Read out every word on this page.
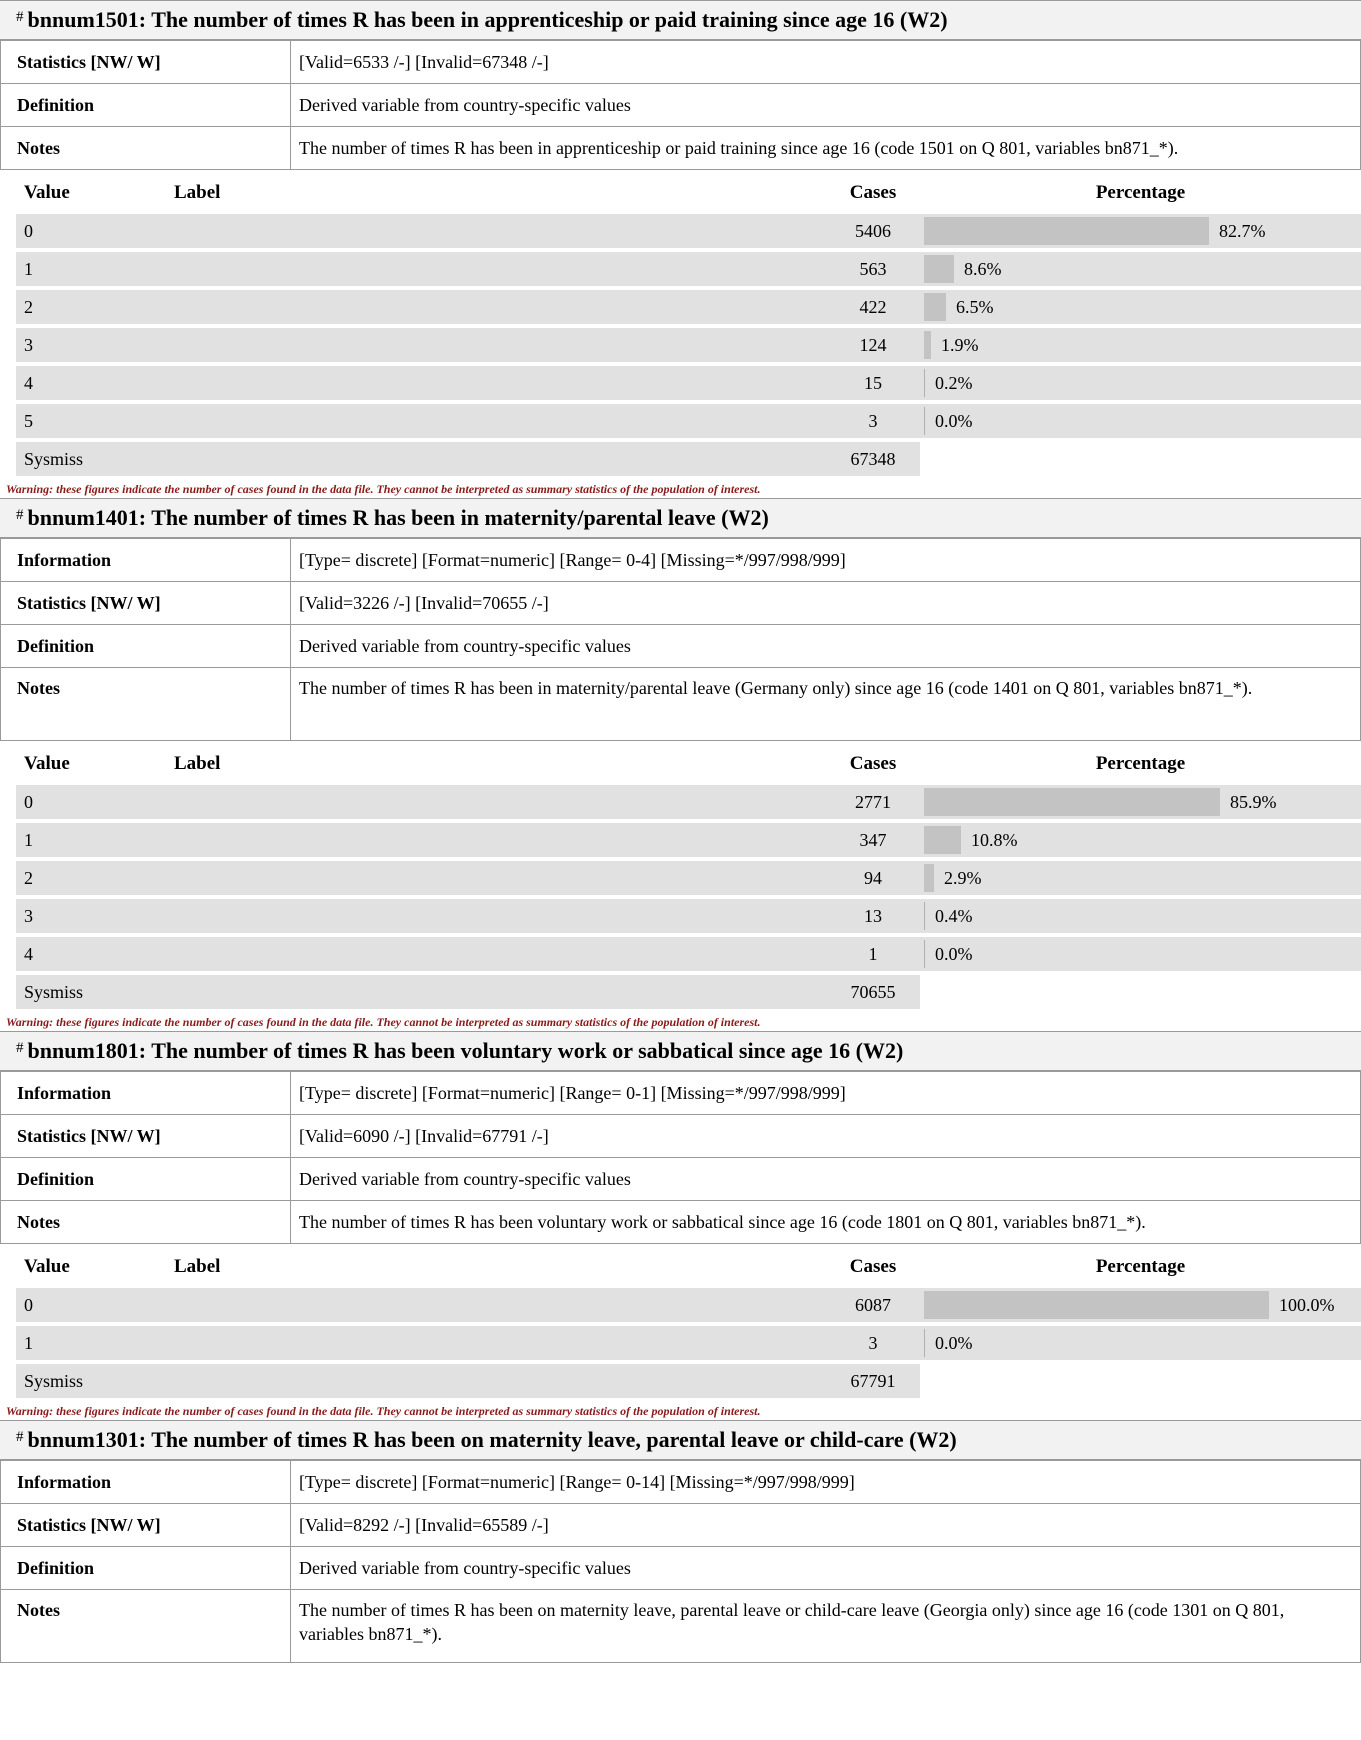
# bnnum1501: The number of times R has been in apprenticeship or paid training since age 16 (W2)
Statistics [NW/ W]	[Valid=6533 /-] [Invalid=67348 /-]
Definition	Derived variable from country-specific values
Notes	The number of times R has been in apprenticeship or paid training since age 16 (code 1501 on Q 801, variables bn871_*).
Value	Label	Cases	Percentage
0		5406	82.7%

1		563	8.6%

2		422	6.5%

3		124	1.9%

4		15	0.2%

5		3	0.0%

Sysmiss		67348	
Warning: these figures indicate the number of cases found in the data file. They cannot be interpreted as summary statistics of the population of interest.
# bnnum1401: The number of times R has been in maternity/parental leave (W2)
Information	[Type= discrete] [Format=numeric] [Range= 0-4] [Missing=*/997/998/999]
Statistics [NW/ W]	[Valid=3226 /-] [Invalid=70655 /-]
Definition	Derived variable from country-specific values
Notes	The number of times R has been in maternity/parental leave (Germany only) since age 16 (code 1401 on Q 801, variables bn871_*).
Value	Label	Cases	Percentage
0		2771	85.9%

1		347	10.8%

2		94	2.9%

3		13	0.4%

4		1	0.0%

Sysmiss		70655	
Warning: these figures indicate the number of cases found in the data file. They cannot be interpreted as summary statistics of the population of interest.
# bnnum1801: The number of times R has been voluntary work or sabbatical since age 16 (W2)
Information	[Type= discrete] [Format=numeric] [Range= 0-1] [Missing=*/997/998/999]
Statistics [NW/ W]	[Valid=6090 /-] [Invalid=67791 /-]
Definition	Derived variable from country-specific values
Notes	The number of times R has been voluntary work or sabbatical since age 16 (code 1801 on Q 801, variables bn871_*).
Value	Label	Cases	Percentage
0		6087	100.0%

1		3	0.0%

Sysmiss		67791	
Warning: these figures indicate the number of cases found in the data file. They cannot be interpreted as summary statistics of the population of interest.
# bnnum1301: The number of times R has been on maternity leave, parental leave or child-care (W2)
Information	[Type= discrete] [Format=numeric] [Range= 0-14] [Missing=*/997/998/999]
Statistics [NW/ W]	[Valid=8292 /-] [Invalid=65589 /-]
Definition	Derived variable from country-specific values
Notes	The number of times R has been on maternity leave, parental leave or child-care leave (Georgia only) since age 16 (code 1301 on Q 801, variables bn871_*).
